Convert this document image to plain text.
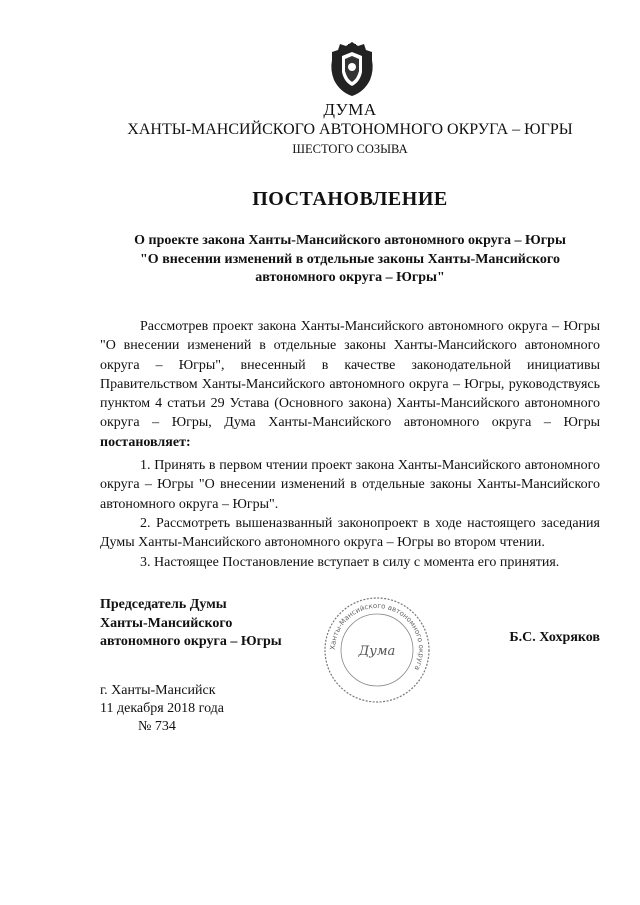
ДУМА
ХАНТЫ-МАНСИЙСКОГО АВТОНОМНОГО ОКРУГА – ЮГРЫ
ШЕСТОГО СОЗЫВА
ПОСТАНОВЛЕНИЕ
О проекте закона Ханты-Мансийского автономного округа – Югры
"О внесении изменений в отдельные законы Ханты-Мансийского
автономного округа – Югры"

Рассмотрев проект закона Ханты-Мансийского автономного округа – Югры "О внесении изменений в отдельные законы Ханты-Мансийского автономного округа – Югры", внесенный в качестве законодательной инициативы Правительством Ханты-Мансийского автономного округа – Югры, руководствуясь пунктом 4 статьи 29 Устава (Основного закона) Ханты-Мансийского автономного округа – Югры, Дума Ханты-Мансийского автономного округа – Югры постановляет:

1. Принять в первом чтении проект закона Ханты-Мансийского автономного округа – Югры "О внесении изменений в отдельные законы Ханты-Мансийского автономного округа – Югры".

2. Рассмотреть вышеназванный законопроект в ходе настоящего заседания Думы Ханты-Мансийского автономного округа – Югры во втором чтении.

3. Настоящее Постановление вступает в силу с момента его принятия.

Председатель Думы
Ханты-Мансийского
автономного округа – Югры	Ханты-Мансийского автономного округа
Дума
Б.С. Хохряков
г. Ханты-Мансийск
11 декабря 2018 года
№ 734
